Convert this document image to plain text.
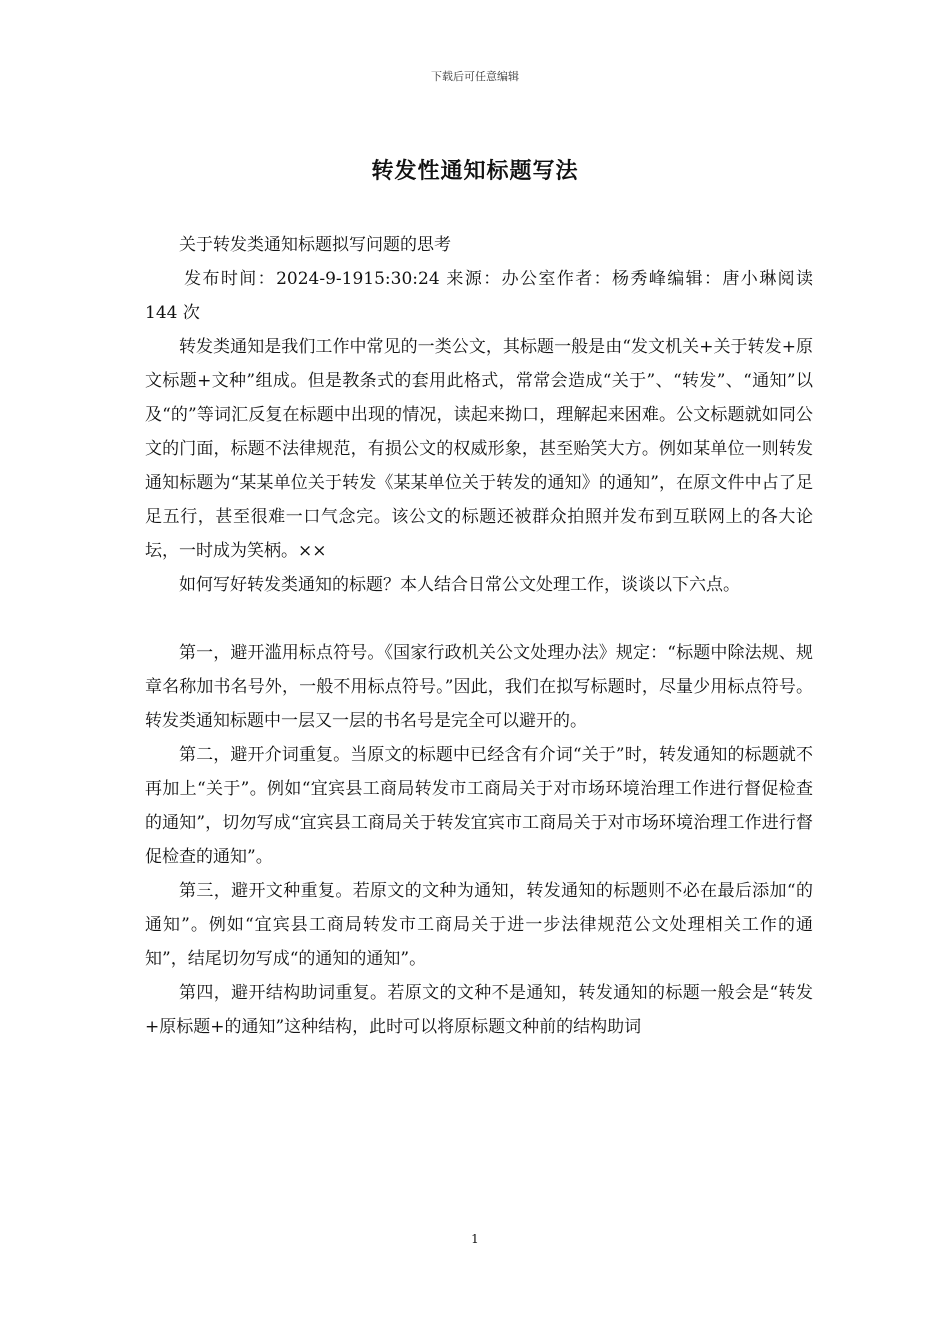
下载后可任意编辑
转发性通知标题写法

关于转发类通知标题拟写问题的思考

发布时间：2024-9-1915:30:24 来源：办公室作者：杨秀峰编辑：唐小琳阅读 144 次

转发类通知是我们工作中常见的一类公文，其标题一般是由“发文机关+关于转发+原文标题+文种”组成。但是教条式的套用此格式，常常会造成“关于”、“转发”、“通知”以及“的”等词汇反复在标题中出现的情况，读起来拗口，理解起来困难。公文标题就如同公文的门面，标题不法律规范，有损公文的权威形象，甚至贻笑大方。例如某单位一则转发通知标题为“某某单位关于转发《某某单位关于转发的通知》的通知”，在原文件中占了足足五行，甚至很难一口气念完。该公文的标题还被群众拍照并发布到互联网上的各大论坛，一时成为笑柄。××

如何写好转发类通知的标题？本人结合日常公文处理工作，谈谈以下六点。

第一，避开滥用标点符号。《国家行政机关公文处理办法》规定：“标题中除法规、规章名称加书名号外，一般不用标点符号。”因此，我们在拟写标题时，尽量少用标点符号。转发类通知标题中一层又一层的书名号是完全可以避开的。

第二，避开介词重复。当原文的标题中已经含有介词“关于”时，转发通知的标题就不再加上“关于”。例如“宜宾县工商局转发市工商局关于对市场环境治理工作进行督促检查的通知”，切勿写成“宜宾县工商局关于转发宜宾市工商局关于对市场环境治理工作进行督促检查的通知”。

第三，避开文种重复。若原文的文种为通知，转发通知的标题则不必在最后添加“的通知”。例如“宜宾县工商局转发市工商局关于进一步法律规范公文处理相关工作的通知”，结尾切勿写成“的通知的通知”。

第四，避开结构助词重复。若原文的文种不是通知，转发通知的标题一般会是“转发+原标题+的通知”这种结构，此时可以将原标题文种前的结构助词

1
